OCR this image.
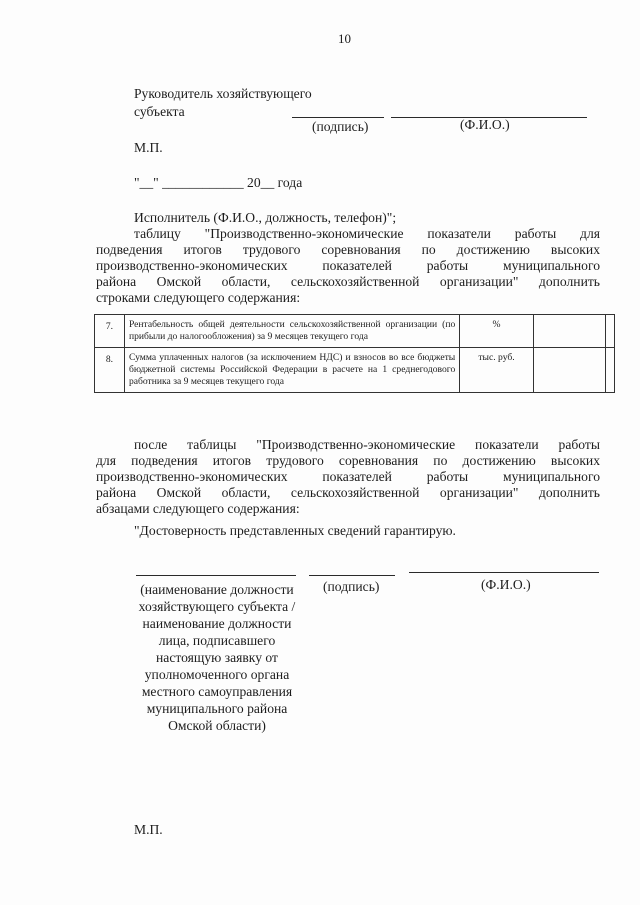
10
Руководитель хозяйствующего
субъекта
(подпись)	(Ф.И.О.)
М.П.
"__" ____________ 20__ года
Исполнитель (Ф.И.О., должность, телефон)";
таблицу "Производственно-экономические показатели работы для
подведения итогов трудового соревнования по достижению высоких
производственно-экономических показателей работы муниципального
района Омской области, сельскохозяйственной организации" дополнить
строками следующего содержания:
7.	Рентабельность общей деятельности сельскохозяйственной организации (по прибыли до налогообложения) за 9 месяцев текущего года	%		
8.	Сумма уплаченных налогов (за исключением НДС) и взносов во все бюджеты бюджетной системы Российской Федерации в расчете на 1 среднегодового работника за 9 месяцев текущего года	тыс. руб.		
после таблицы "Производственно-экономические показатели работы
для подведения итогов трудового соревнования по достижению высоких
производственно-экономических показателей работы муниципального
района Омской области, сельскохозяйственной организации" дополнить
абзацами следующего содержания:
"Достоверность представленных сведений гарантирую.
(наименование должности хозяйствующего субъекта / наименование должности лица, подписавшего настоящую заявку от уполномоченного органа местного самоуправления муниципального района Омской области)
(подпись)	(Ф.И.О.)
М.П.
